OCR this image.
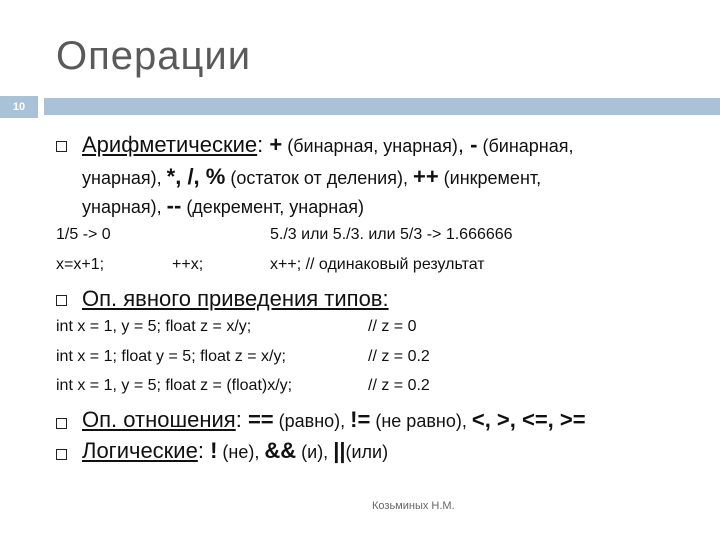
Операции
10
Арифметические: + (бинарная, унарная), - (бинарная,
унарная), *, /, % (остаток от деления), ++ (инкремент,
унарная), -- (декремент, унарная)
1/5 -> 0	5./3 или 5./3. или 5/3 -> 1.666666
x=x+1;	++x;	x++; // одинаковый результат
Оп. явного приведения типов:
int x = 1, y = 5; float z = x/y;	// z = 0
int x = 1; float y = 5; float z = x/y;	// z = 0.2
int x = 1, y = 5; float z = (float)x/y;	// z = 0.2
Оп. отношения: == (равно), != (не равно), <, >, <=, >=
Логические: ! (не), && (и), ||(или)
Козьминых Н.М.
